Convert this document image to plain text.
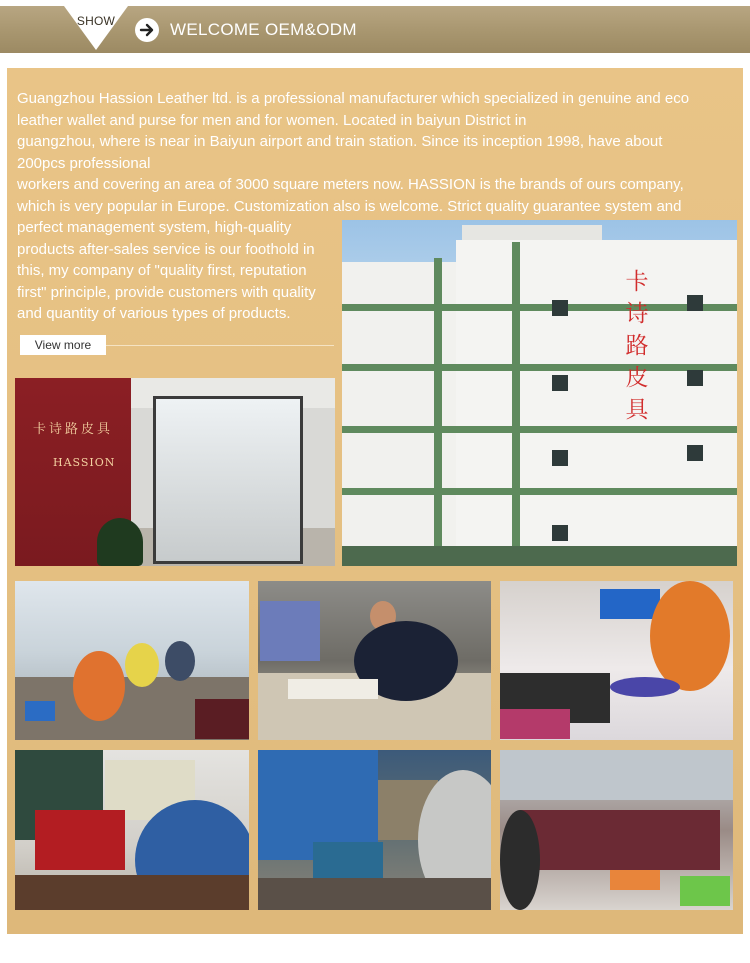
SHOW	WELCOME OEM&ODM
卡
诗
路
皮
具
卡诗路皮具
HASSION

Guangzhou Hassion Leather ltd. is a professional manufacturer which specialized in genuine and eco

leather wallet and purse for men and for women. Located in baiyun District in

guangzhou, where is near in Baiyun airport and train station. Since its inception 1998, have about

200pcs professional

workers and covering an area of 3000 square meters now. HASSION is the brands of ours company,

which is very popular in Europe. Customization also is welcome. Strict quality guarantee system and

perfect management system, high-quality

products after-sales service is our foothold in

this, my company of "quality first, reputation

first" principle, provide customers with quality

and quantity of various types of products.

View more
